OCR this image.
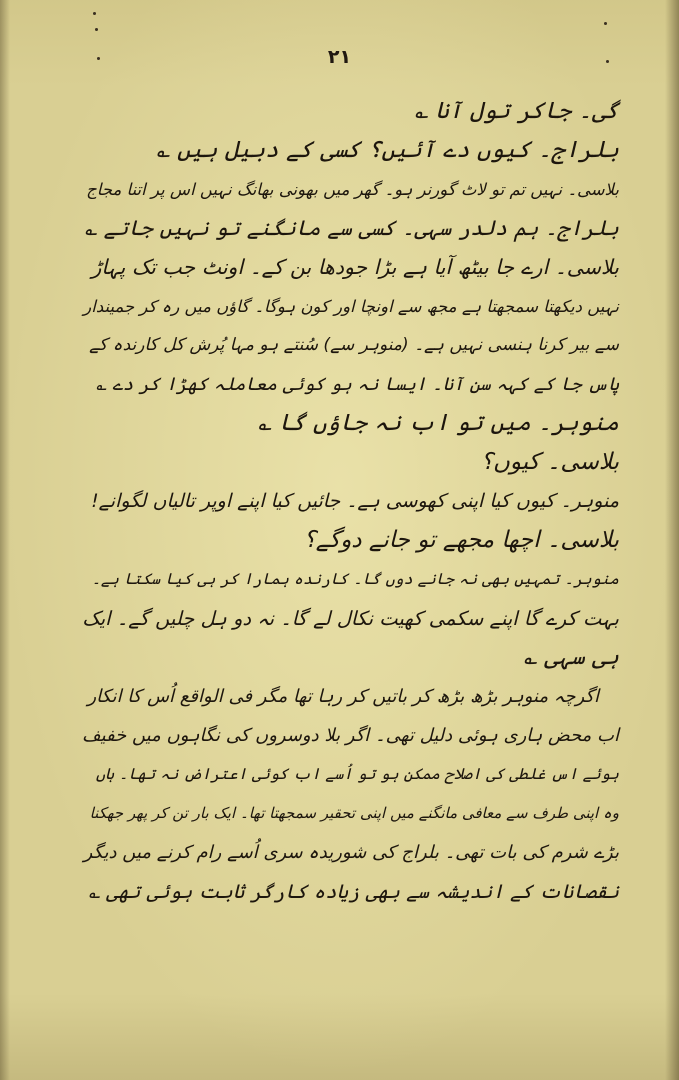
۲۱
گی۔ جاکر تول آنا ؎
بلراج۔ کیوں دے آئیں؟ کسی کے دبیل ہیں ؎
بلاسی۔ نہیں تم تو لاٹ گورنر ہو۔ گھر میں بھونی بھانگ نہیں اس پر اتنا مجاج
بلراج۔ ہم دلدر سہی۔ کسی سے مانگنے تو نہیں جاتے ؎
بلاسی۔ ارے جا بیٹھ آیا ہے بڑا جودھا بن کے۔ اونٹ جب تک پہاڑ
نہیں دیکھتا سمجھتا ہے مجھ سے اونچا اور کون ہوگا۔ گاؤں میں رہ کر جمیندار
سے بیر کرنا ہنسی نہیں ہے۔ (منوہر سے) سُنتے ہو مہا پُرش کل کارندہ کے
پاس جا کے کہہ سن آنا۔ ایسا نہ ہو کوئی معاملہ کھڑا کر دے ؎
منوہر۔ میں تو اب نہ جاؤں گا ؎
بلاسی۔ کیوں؟
منوہر۔ کیوں کیا اپنی کھوسی ہے۔ جائیں کیا اپنے اوپر تالیاں لگوانے!
بلاسی۔ اچھا مجھے تو جانے دوگے؟
منوہر۔ تمہیں بھی نہ جانے دوں گا۔ کارندہ ہمارا کر ہی کیا سکتا ہے۔
بہت کرے گا اپنے سکمی کھیت نکال لے گا۔ نہ دو ہل چلیں گے۔ ایک
ہی سہی ؎
اگرچہ منوہر بڑھ بڑھ کر باتیں کر رہا تھا مگر فی الواقع اُس کا انکار
اب محض ہاری ہوئی دلیل تھی۔ اگر بلا دوسروں کی نگاہوں میں خفیف
ہوئے اس غلطی کی اصلاح ممکن ہو تو اُسے اب کوئی اعتراض نہ تھا۔ ہاں
وہ اپنی طرف سے معافی مانگنے میں اپنی تحقیر سمجھتا تھا۔ ایک بار تن کر پھر جھکنا
بڑے شرم کی بات تھی۔ بلراج کی شوریدہ سری اُسے رام کرنے میں دیگر
نقصانات کے اندیشہ سے بھی زیادہ کارگر ثابت ہوئی تھی ؎
